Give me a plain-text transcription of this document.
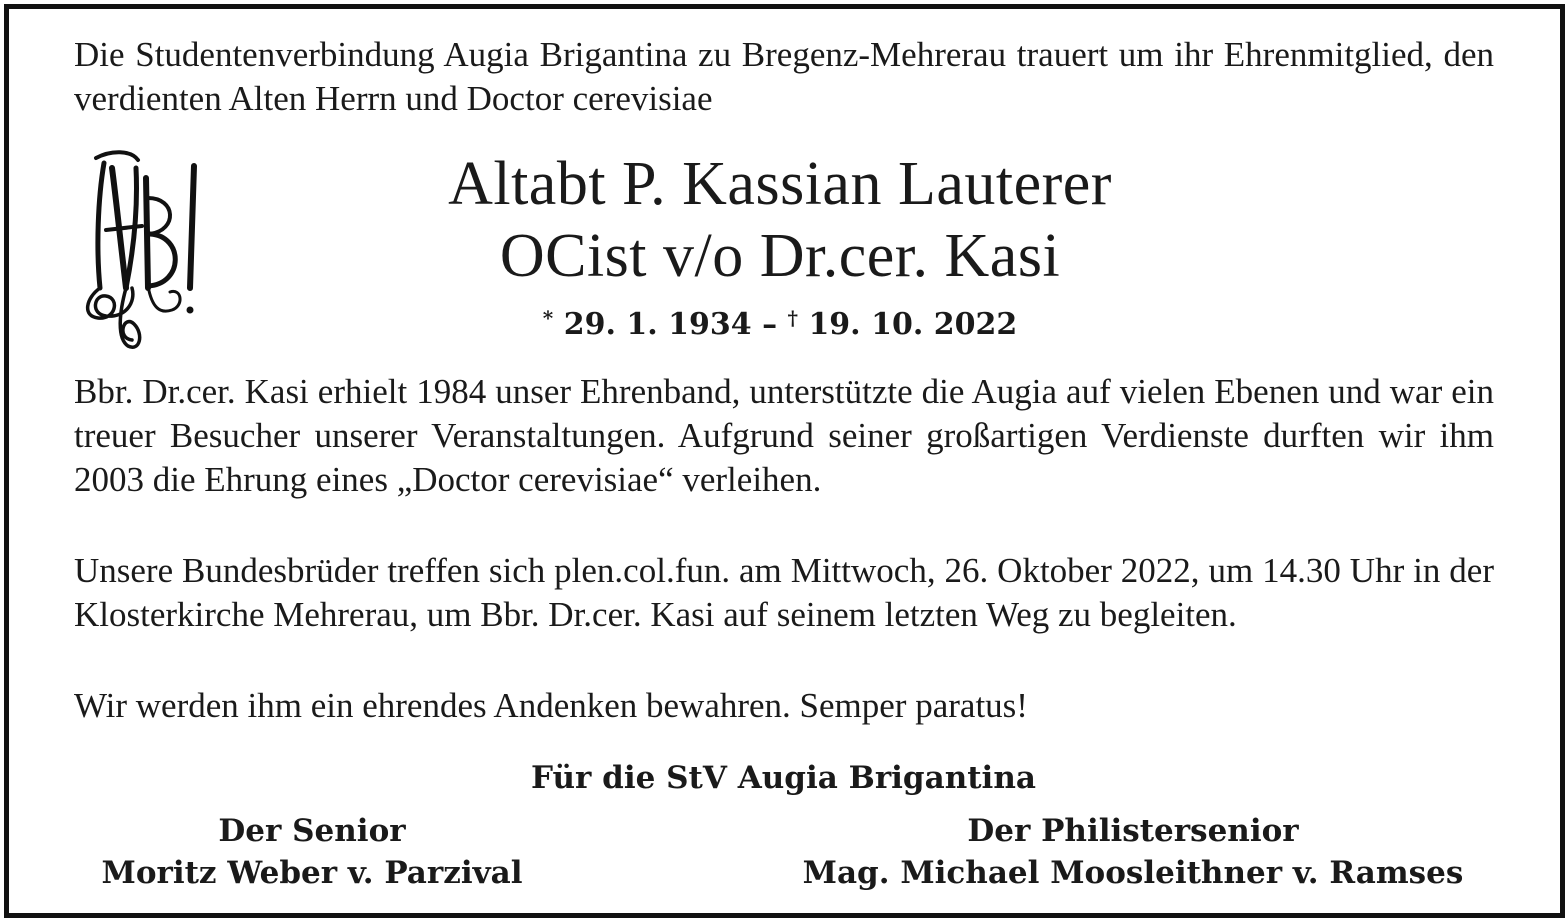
Die Studentenverbindung Augia Brigantina zu Bregenz-Mehrerau trauert um ihr Ehrenmitglied, den verdienten Alten Herrn und Doctor cerevisiae
Altabt P. Kassian Lauterer
OCist v/o Dr.cer. Kasi
* 29. 1. 1934 – † 19. 10. 2022

Bbr. Dr.cer. Kasi erhielt 1984 unser Ehrenband, unterstützte die Augia auf vielen Ebenen und war ein treuer Besucher unserer Veranstaltungen. Aufgrund seiner großartigen Verdienste durften wir ihm 2003 die Ehrung eines „Doctor cerevisiae“ verleihen.

Unsere Bundesbrüder treffen sich plen.col.fun. am Mittwoch, 26. Oktober 2022, um 14.30 Uhr in der Klosterkirche Mehrerau, um Bbr. Dr.cer. Kasi auf seinem letzten Weg zu begleiten.

Wir werden ihm ein ehrendes Andenken bewahren. Semper paratus!

Für die StV Augia Brigantina
Der Senior
Moritz Weber v. Parzival
Der Philistersenior
Mag. Michael Moosleithner v. Ramses
